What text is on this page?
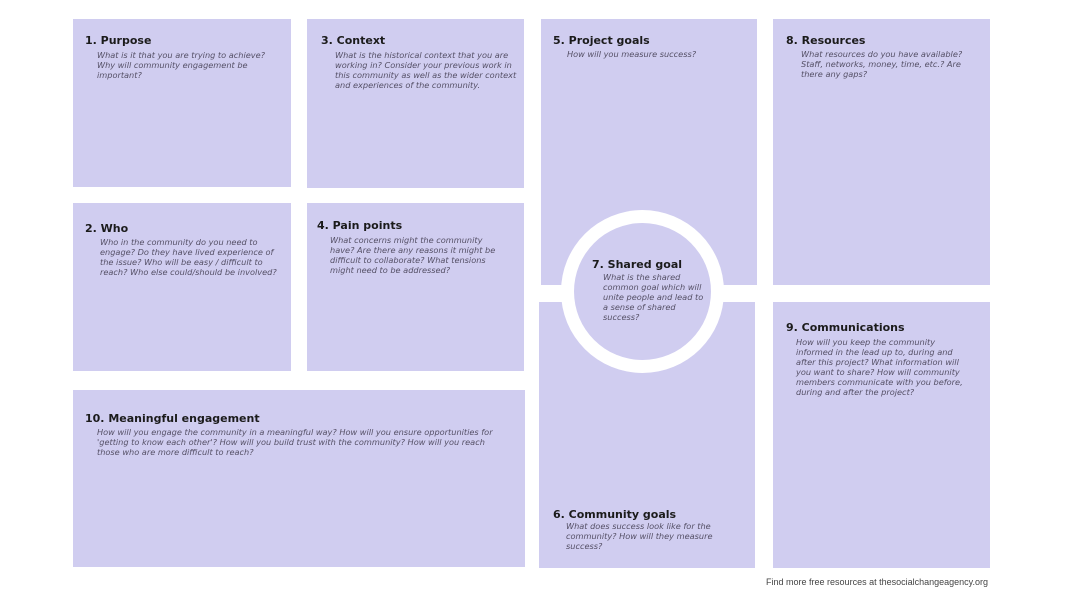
1. Purpose
What is it that you are trying to achieve? Why will community engagement be important?
3. Context
What is the historical context that you are working in? Consider your previous work in this community as well as the wider context and experiences of the community.
5. Project goals
How will you measure success?
8. Resources
What resources do you have available? Staff, networks, money, time, etc.? Are there any gaps?
2. Who
Who in the community do you need to engage? Do they have lived experience of the issue? Who will be easy / difficult to reach? Who else could/should be involved?
4. Pain points
What concerns might the community have? Are there any reasons it might be difficult to collaborate? What tensions might need to be addressed?
10. Meaningful engagement
How will you engage the community in a meaningful way? How will you ensure opportunities for 'getting to know each other'? How will you build trust with the community? How will you reach those who are more difficult to reach?
6. Community goals
What does success look like for the community? How will they measure success?
9. Communications
How will you keep the community informed in the lead up to, during and after this project? What information will you want to share? How will community members communicate with you before, during and after the project?
7. Shared goal
What is the shared common goal which will unite people and lead to a sense of shared success?
Find more free resources at thesocialchangeagency.org
